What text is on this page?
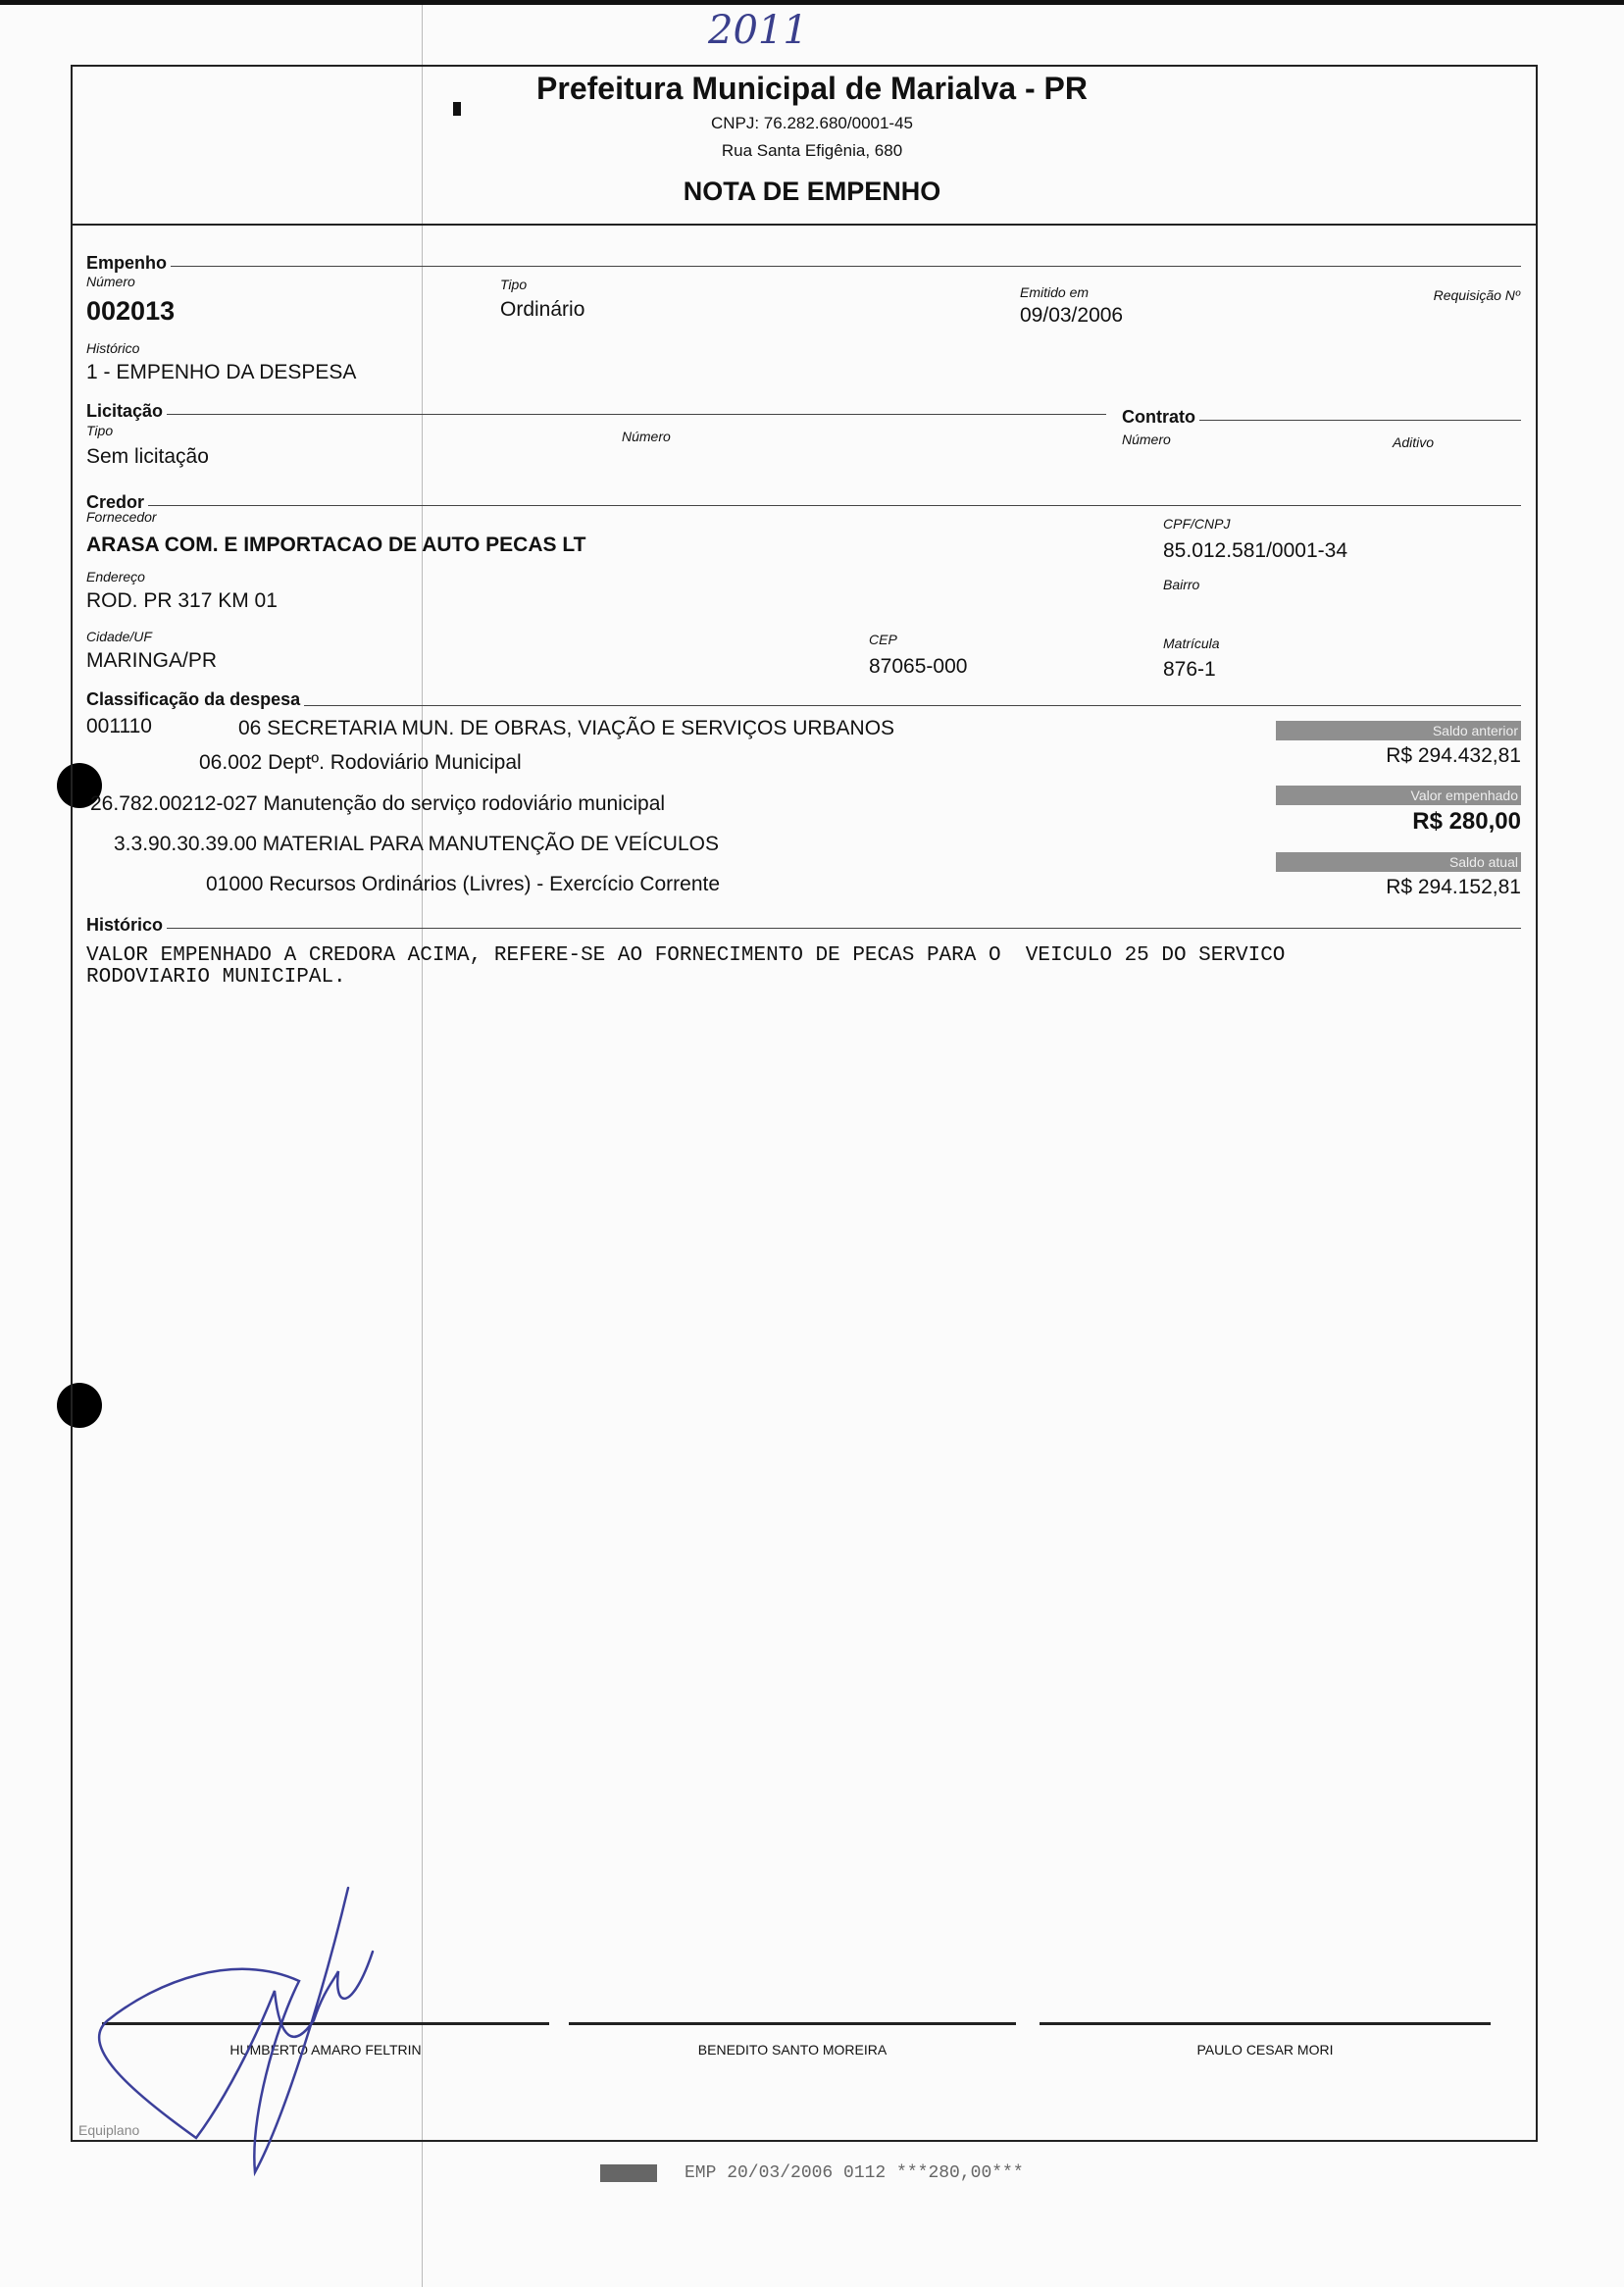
2011
Prefeitura Municipal de Marialva - PR
CNPJ: 76.282.680/0001-45
Rua Santa Efigênia, 680
NOTA DE EMPENHO
Empenho
Número	Tipo	Emitido em	Requisição Nº
002013	Ordinário	09/03/2006
Histórico
1 - EMPENHO DA DESPESA
Licitação	Contrato
Tipo	Número	Número	Aditivo
Sem licitação
Credor
Fornecedor	CPF/CNPJ
ARASA COM. E IMPORTACAO DE AUTO PECAS LT	85.012.581/0001-34
Endereço	Bairro
ROD. PR 317 KM 01
Cidade/UF	CEP	Matrícula
MARINGA/PR	87065-000	876-1
Classificação da despesa
001110	06 SECRETARIA MUN. DE OBRAS, VIAÇÃO E SERVIÇOS URBANOS
06.002 Deptº. Rodoviário Municipal
26.782.00212-027 Manutenção do serviço rodoviário municipal
3.3.90.30.39.00 MATERIAL PARA MANUTENÇÃO DE VEÍCULOS
01000 Recursos Ordinários (Livres) - Exercício Corrente
Saldo anterior
R$ 294.432,81
Valor empenhado
R$ 280,00
Saldo atual
R$ 294.152,81
Histórico
VALOR EMPENHADO A CREDORA ACIMA, REFERE-SE AO FORNECIMENTO DE PECAS PARA O  VEICULO 25 DO SERVICO
RODOVIARIO MUNICIPAL.
HUMBERTO AMARO FELTRIN	BENEDITO SANTO MOREIRA	PAULO CESAR MORI
Equiplano
EMP 20/03/2006 0112 ***280,00***
